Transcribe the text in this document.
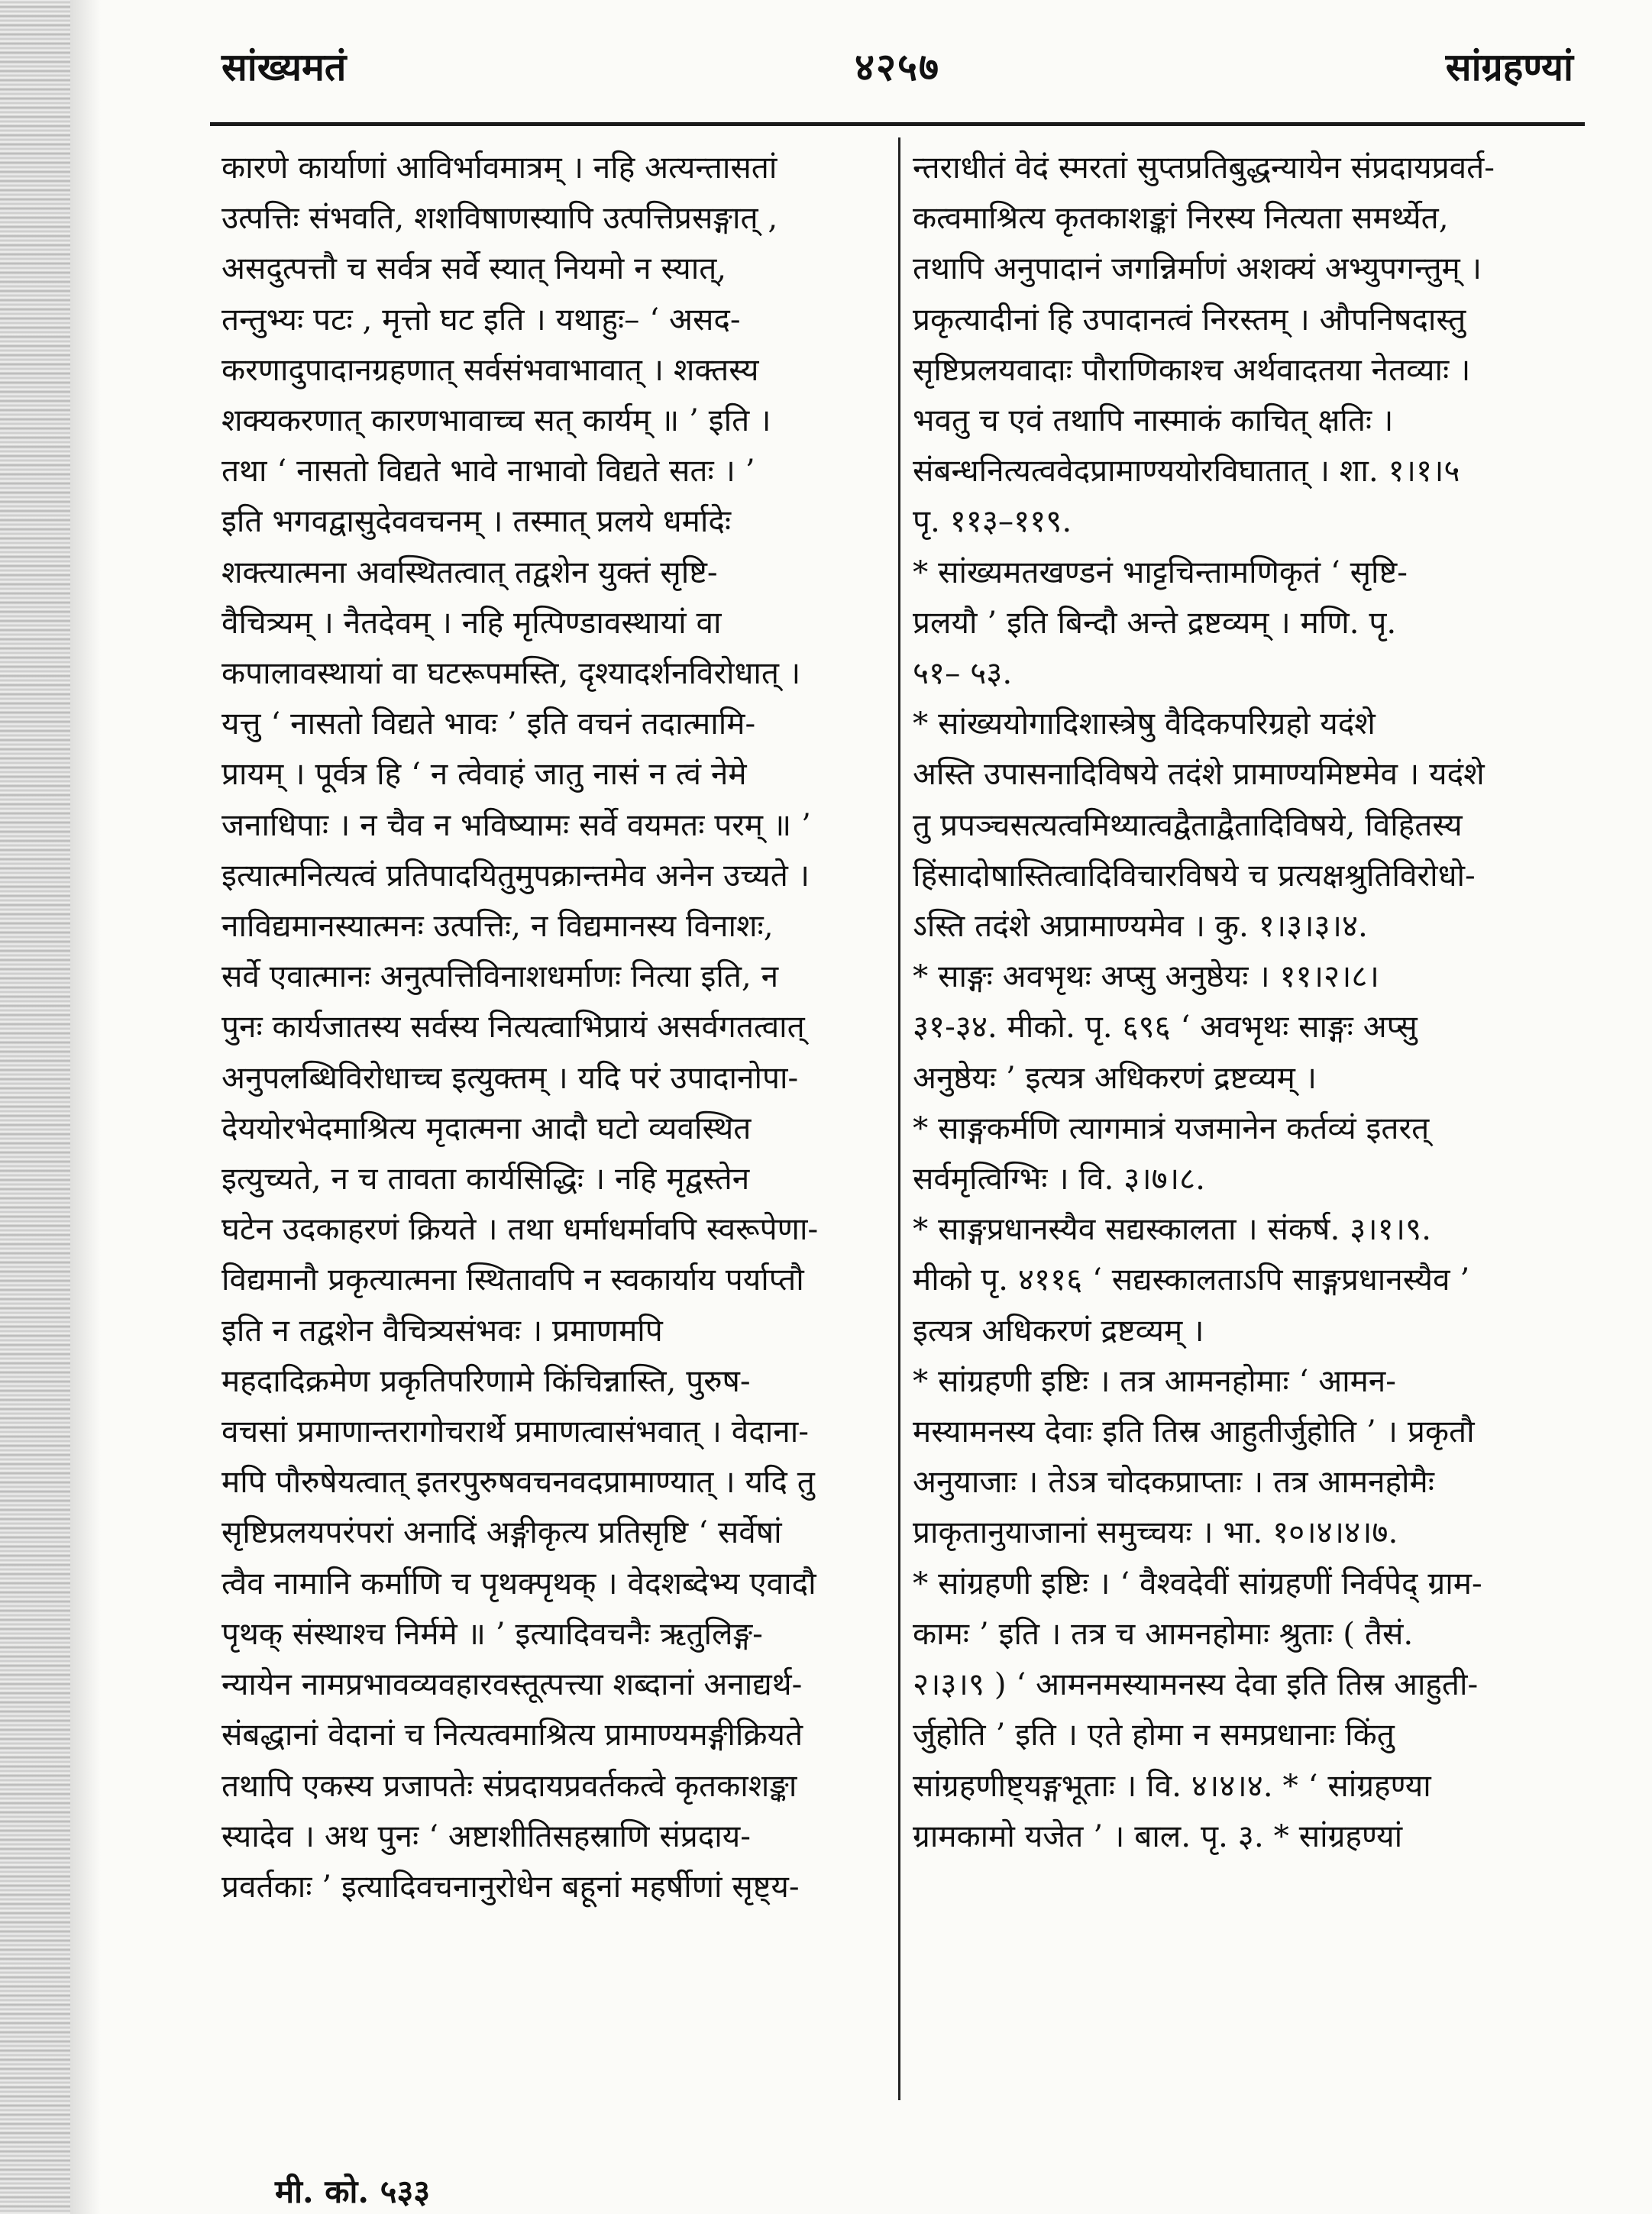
सांख्यमतं	४२५७	सांग्रहण्यां
कारणे कार्याणां आविर्भावमात्रम् । नहि अत्यन्तासतां
उत्पत्तिः संभवति, शशविषाणस्यापि उत्पत्तिप्रसङ्गात् ,
असदुत्पत्तौ च सर्वत्र सर्वे स्यात् नियमो न स्यात्,
तन्तुभ्यः पटः , मृत्तो घट इति । यथाहुः– ‘ असद-
करणादुपादानग्रहणात् सर्वसंभवाभावात् । शक्तस्य
शक्यकरणात् कारणभावाच्च सत् कार्यम् ॥ ’ इति ।
तथा ‘ नासतो विद्यते भावे नाभावो विद्यते सतः । ’
इति भगवद्वासुदेववचनम् । तस्मात् प्रलये धर्मादेः
शक्त्यात्मना अवस्थितत्वात् तद्वशेन युक्तं सृष्टि-
वैचित्र्यम् । नैतदेवम् । नहि मृत्पिण्डावस्थायां वा
कपालावस्थायां वा घटरूपमस्ति, दृश्यादर्शनविरोधात् ।
यत्तु ‘ नासतो विद्यते भावः ’ इति वचनं तदात्मामि-
प्रायम् । पूर्वत्र हि ‘ न त्वेवाहं जातु नासं न त्वं नेमे
जनाधिपाः । न चैव न भविष्यामः सर्वे वयमतः परम् ॥ ’
इत्यात्मनित्यत्वं प्रतिपादयितुमुपक्रान्तमेव अनेन उच्यते ।
नाविद्यमानस्यात्मनः उत्पत्तिः, न विद्यमानस्य विनाशः,
सर्वे एवात्मानः अनुत्पत्तिविनाशधर्माणः नित्या इति, न
पुनः कार्यजातस्य सर्वस्य नित्यत्वाभिप्रायं असर्वगतत्वात्
अनुपलब्धिविरोधाच्च इत्युक्तम् । यदि परं उपादानोपा-
देययोरभेदमाश्रित्य मृदात्मना आदौ घटो व्यवस्थित
इत्युच्यते, न च तावता कार्यसिद्धिः । नहि मृद्वस्तेन
घटेन उदकाहरणं क्रियते । तथा धर्माधर्मावपि स्वरूपेणा-
विद्यमानौ प्रकृत्यात्मना स्थितावपि न स्वकार्याय पर्याप्तौ
इति न तद्वशेन वैचित्र्यसंभवः । प्रमाणमपि
महदादिक्रमेण प्रकृतिपरिणामे किंचिन्नास्ति, पुरुष-
वचसां प्रमाणान्तरागोचरार्थे प्रमाणत्वासंभवात् । वेदाना-
मपि पौरुषेयत्वात् इतरपुरुषवचनवदप्रामाण्यात् । यदि तु
सृष्टिप्रलयपरंपरां अनादिं अङ्गीकृत्य प्रतिसृष्टि ‘ सर्वेषां
त्वैव नामानि कर्माणि च पृथक्पृथक् । वेदशब्देभ्य एवादौ
पृथक् संस्थाश्च निर्ममे ॥ ’ इत्यादिवचनैः ऋतुलिङ्ग-
न्यायेन नामप्रभावव्यवहारवस्तूत्पत्त्या शब्दानां अनाद्यर्थ-
संबद्धानां वेदानां च नित्यत्वमाश्रित्य प्रामाण्यमङ्गीक्रियते
तथापि एकस्य प्रजापतेः संप्रदायप्रवर्तकत्वे कृतकाशङ्का
स्यादेव । अथ पुनः ‘ अष्टाशीतिसहस्राणि संप्रदाय-
प्रवर्तकाः ’ इत्यादिवचनानुरोधेन बहूनां महर्षीणां सृष्ट्य-
न्तराधीतं वेदं स्मरतां सुप्तप्रतिबुद्धन्यायेन संप्रदायप्रवर्त-
कत्वमाश्रित्य कृतकाशङ्कां निरस्य नित्यता समर्थ्येत,
तथापि अनुपादानं जगन्निर्माणं अशक्यं अभ्युपगन्तुम् ।
प्रकृत्यादीनां हि उपादानत्वं निरस्तम् । औपनिषदास्तु
सृष्टिप्रलयवादाः पौराणिकाश्च अर्थवादतया नेतव्याः ।
भवतु च एवं तथापि नास्माकं काचित् क्षतिः ।
संबन्धनित्यत्ववेदप्रामाण्ययोरविघातात् । शा. १।१।५
पृ. ११३–११९.
* सांख्यमतखण्डनं भाट्टचिन्तामणिकृतं ‘ सृष्टि-
प्रलयौ ’ इति बिन्दौ अन्ते द्रष्टव्यम् । मणि. पृ.
५१– ५३.
* सांख्ययोगादिशास्त्रेषु वैदिकपरिग्रहो यदंशे
अस्ति उपासनादिविषये तदंशे प्रामाण्यमिष्टमेव । यदंशे
तु प्रपञ्चसत्यत्वमिथ्यात्वद्वैताद्वैतादिविषये, विहितस्य
हिंसादोषास्तित्वादिविचारविषये च प्रत्यक्षश्रुतिविरोधो-
ऽस्ति तदंशे अप्रामाण्यमेव । कु. १।३।३।४.
* साङ्गः अवभृथः अप्सु अनुष्ठेयः । ११।२।८।
३१-३४. मीको. पृ. ६९६ ‘ अवभृथः साङ्गः अप्सु
अनुष्ठेयः ’ इत्यत्र अधिकरणं द्रष्टव्यम् ।
* साङ्गकर्मणि त्यागमात्रं यजमानेन कर्तव्यं इतरत्
सर्वमृत्विग्भिः । वि. ३।७।८.
* साङ्गप्रधानस्यैव सद्यस्कालता । संकर्ष. ३।१।९.
मीको पृ. ४११६ ‘ सद्यस्कालताऽपि साङ्गप्रधानस्यैव ’
इत्यत्र अधिकरणं द्रष्टव्यम् ।
* सांग्रहणी इष्टिः । तत्र आमनहोमाः ‘ आमन-
मस्यामनस्य देवाः इति तिस्र आहुतीर्जुहोति ’ । प्रकृतौ
अनुयाजाः । तेऽत्र चोदकप्राप्ताः । तत्र आमनहोमैः
प्राकृतानुयाजानां समुच्चयः । भा. १०।४।४।७.
* सांग्रहणी इष्टिः । ‘ वैश्वदेवीं सांग्रहणीं निर्वपेद् ग्राम-
कामः ’ इति । तत्र च आमनहोमाः श्रुताः ( तैसं.
२।३।९ ) ‘ आमनमस्यामनस्य देवा इति तिस्र आहुती-
र्जुहोति ’ इति । एते होमा न समप्रधानाः किंतु
सांग्रहणीष्ट्यङ्गभूताः । वि. ४।४।४. * ‘ सांग्रहण्या
ग्रामकामो यजेत ’ । बाल. पृ. ३. * सांग्रहण्यां
मी. को. ५३३
